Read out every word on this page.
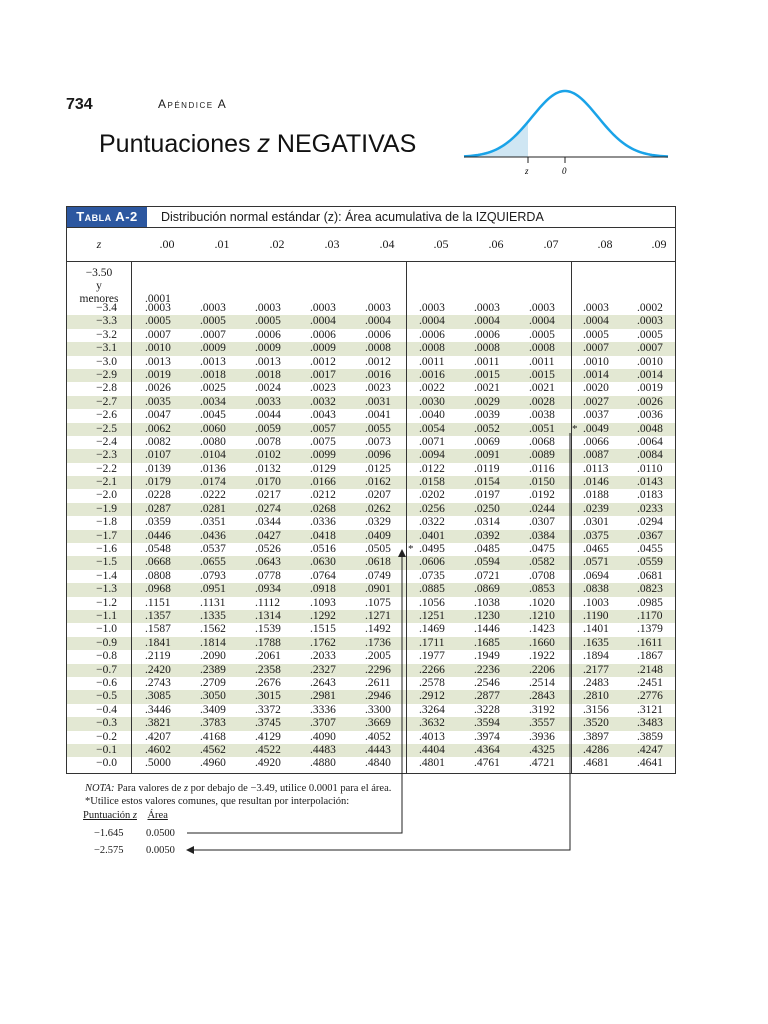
734	Apéndice A
Puntuaciones z NEGATIVAS
z	0
Tabla A-2	Distribución normal estándar (z): Área acumulativa de la IZQUIERDA
z	.00	.01	.02	.03	.04	.05	.06	.07	.08	.09
−3.50
y
menores	.0001
−3.4 .0003	.0003	.0003	.0003	.0003	.0003	.0003	.0003	.0003	.0002
−3.3 .0005	.0005	.0005	.0004	.0004	.0004	.0004	.0004	.0004	.0003
−3.2 .0007	.0007	.0006	.0006	.0006	.0006	.0006	.0005	.0005	.0005
−3.1 .0010	.0009	.0009	.0009	.0008	.0008	.0008	.0008	.0007	.0007
−3.0 .0013	.0013	.0013	.0012	.0012	.0011	.0011	.0011	.0010	.0010
−2.9 .0019	.0018	.0018	.0017	.0016	.0016	.0015	.0015	.0014	.0014
−2.8 .0026	.0025	.0024	.0023	.0023	.0022	.0021	.0021	.0020	.0019
−2.7 .0035	.0034	.0033	.0032	.0031	.0030	.0029	.0028	.0027	.0026
−2.6 .0047	.0045	.0044	.0043	.0041	.0040	.0039	.0038	.0037	.0036
−2.5 .0062	.0060	.0059	.0057	.0055	.0054	.0052	.0051	.0049	.0048
*
−2.4 .0082	.0080	.0078	.0075	.0073	.0071	.0069	.0068	.0066	.0064
−2.3 .0107	.0104	.0102	.0099	.0096	.0094	.0091	.0089	.0087	.0084
−2.2 .0139	.0136	.0132	.0129	.0125	.0122	.0119	.0116	.0113	.0110
−2.1 .0179	.0174	.0170	.0166	.0162	.0158	.0154	.0150	.0146	.0143
−2.0 .0228	.0222	.0217	.0212	.0207	.0202	.0197	.0192	.0188	.0183
−1.9 .0287	.0281	.0274	.0268	.0262	.0256	.0250	.0244	.0239	.0233
−1.8 .0359	.0351	.0344	.0336	.0329	.0322	.0314	.0307	.0301	.0294
−1.7 .0446	.0436	.0427	.0418	.0409	.0401	.0392	.0384	.0375	.0367
−1.6 .0548	.0537	.0526	.0516	.0505	.0495	.0485	.0475	.0465	.0455
*
−1.5 .0668	.0655	.0643	.0630	.0618	.0606	.0594	.0582	.0571	.0559
−1.4 .0808	.0793	.0778	.0764	.0749	.0735	.0721	.0708	.0694	.0681
−1.3 .0968	.0951	.0934	.0918	.0901	.0885	.0869	.0853	.0838	.0823
−1.2 .1151	.1131	.1112	.1093	.1075	.1056	.1038	.1020	.1003	.0985
−1.1 .1357	.1335	.1314	.1292	.1271	.1251	.1230	.1210	.1190	.1170
−1.0 .1587	.1562	.1539	.1515	.1492	.1469	.1446	.1423	.1401	.1379
−0.9 .1841	.1814	.1788	.1762	.1736	.1711	.1685	.1660	.1635	.1611
−0.8 .2119	.2090	.2061	.2033	.2005	.1977	.1949	.1922	.1894	.1867
−0.7 .2420	.2389	.2358	.2327	.2296	.2266	.2236	.2206	.2177	.2148
−0.6 .2743	.2709	.2676	.2643	.2611	.2578	.2546	.2514	.2483	.2451
−0.5 .3085	.3050	.3015	.2981	.2946	.2912	.2877	.2843	.2810	.2776
−0.4 .3446	.3409	.3372	.3336	.3300	.3264	.3228	.3192	.3156	.3121
−0.3 .3821	.3783	.3745	.3707	.3669	.3632	.3594	.3557	.3520	.3483
−0.2 .4207	.4168	.4129	.4090	.4052	.4013	.3974	.3936	.3897	.3859
−0.1 .4602	.4562	.4522	.4483	.4443	.4404	.4364	.4325	.4286	.4247
−0.0 .5000	.4960	.4920	.4880	.4840	.4801	.4761	.4721	.4681	.4641
NOTA: Para valores de z por debajo de −3.49, utilice 0.0001 para el área.
*Utilice estos valores comunes, que resultan por interpolación:
Puntuación z Área
−1.645 0.0500
−2.575 0.0050
